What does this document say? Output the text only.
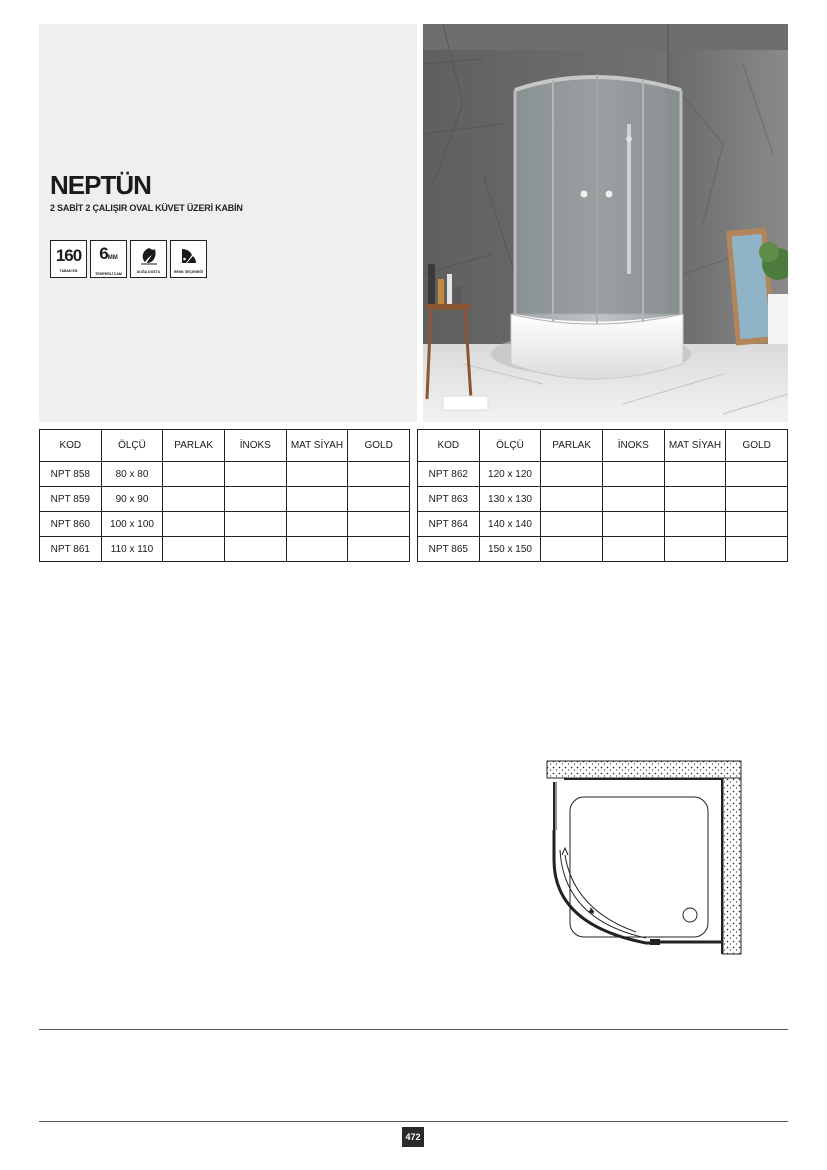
NEPTÜN
2 SABİT 2 ÇALIŞIR OVAL KÜVET ÜZERİ KABİN
160
TABAN EN
6MM
TEMPERLİ CAM	DOĞA DOSTU	RENK SEÇENEĞİ
KOD	ÖLÇÜ	PARLAK	İNOKS	MAT SİYAH	GOLD
NPT 858	80 x 80				
NPT 859	90 x 90				
NPT 860	100 x 100				
NPT 861	110 x 110				
KOD	ÖLÇÜ	PARLAK	İNOKS	MAT SİYAH	GOLD
NPT 862	120 x 120				
NPT 863	130 x 130				
NPT 864	140 x 140				
NPT 865	150 x 150				
472
